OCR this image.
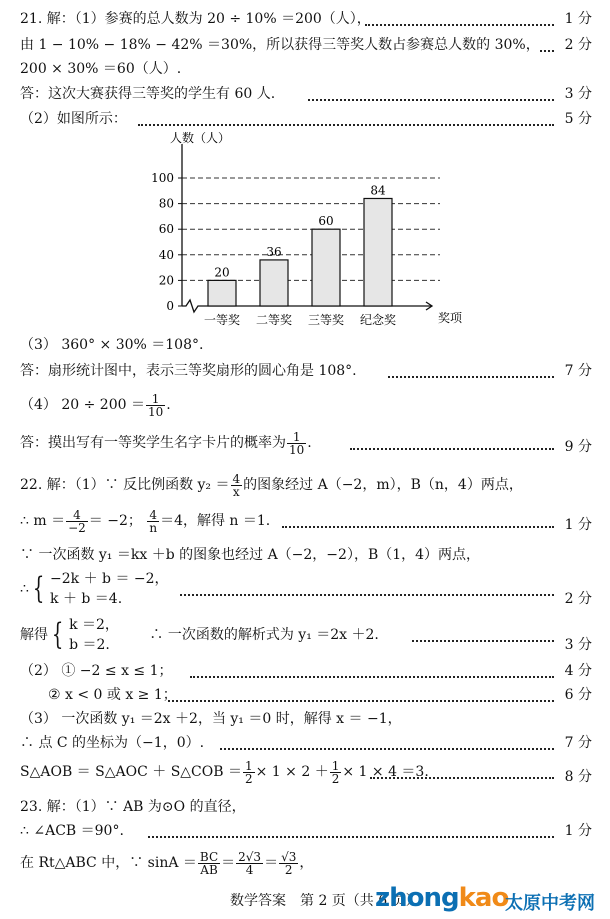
21. 解：（1）参赛的总人数为 20 ÷ 10% ＝200（人），	1 分
由 1 − 10% − 18% − 42% ＝30%，所以获得三等奖人数占参赛总人数的 30%， 2 分
200 × 30% ＝60（人）.
答：这次大赛获得三等奖的学生有 60 人.	3 分
（2）如图所示：	5 分
0
20
40
60
80
100
人数（人）
奖项
20
一等奖
36
二等奖
60
三等奖
84
纪念奖
（3） 360° × 30% ＝108°.
答：扇形统计图中，表示三等奖扇形的圆心角是 108°.	7 分
（4） $20 \div 200 = \frac{1}{10}$ .
答：摸出写有一等奖学生名字卡片的概率为 $\frac{1}{10}$ .	9 分
22. 解：（1）∵ 反比例函数 $y_2 = \frac{4}{x}$ 的图象经过 A（−2，m），B（n，4）两点，
∴ $m = \frac{4}{-2} = -2$； $\frac{4}{n} =4$，解得 n ＝1.	1 分
∵ 一次函数 y₁ ＝kx ＋b 的图象也经过 A（−2，−2），B（1，4）两点，
∴ { −2k ＋ b ＝ −2，
k ＋ b ＝4.	2 分
解得 { k ＝2，
b ＝2.
∴ 一次函数的解析式为 y₁ ＝2x ＋2.
3 分
（2） ① −2 ≤ x ≤ 1；	4 分
② x < 0 或 x ≥ 1；	6 分
（3） 一次函数 y₁ ＝2x ＋2，当 y₁ ＝0 时，解得 x ＝ −1，
∴ 点 C 的坐标为（−1，0）.	7 分
S△AOB ＝ S△AOC ＋ S△COB ＝ $\frac{1}{2} \times 1 \times 2 + \frac{1}{2} \times 1 \times 4 =3$.	8 分
23. 解：（1）∵ AB 为⊙O 的直径，
∴ ∠ACB ＝90°.	1 分
在 Rt△ABC 中，∵ $\sin A = \frac{BC}{AB} = \frac{2√3}{4} = \frac{√3}{2}$ ，
数学答案　第 2 页（共 6 页）
zhongkao
太原中考网
